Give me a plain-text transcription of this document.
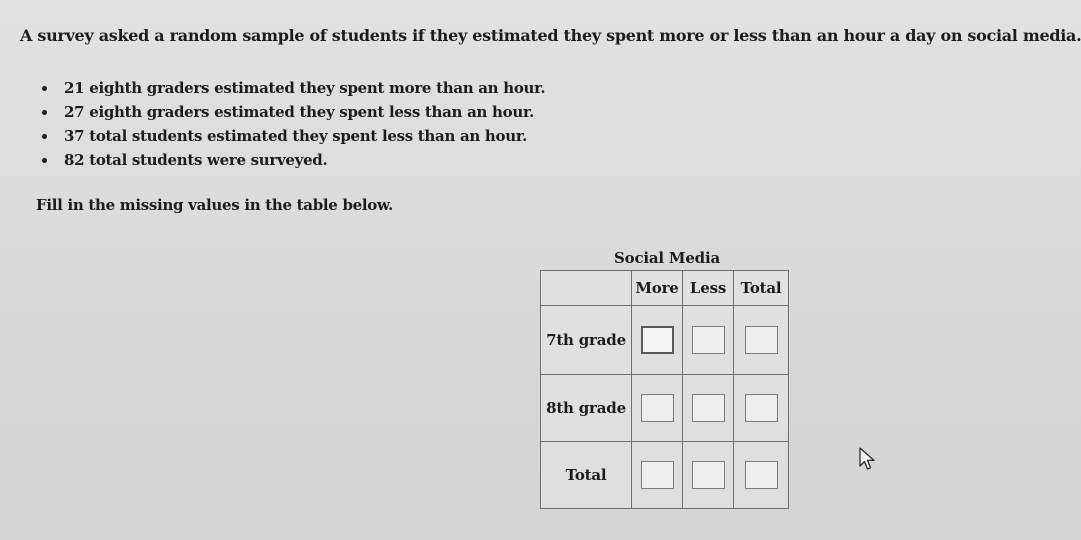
A survey asked a random sample of students if they estimated they spent more or less than an hour a day on social media.
21 eighth graders estimated they spent more than an hour.
27 eighth graders estimated they spent less than an hour.
37 total students estimated they spent less than an hour.
82 total students were surveyed.
Fill in the missing values in the table below.
Social Media
	More	Less	Total
7th grade			
8th grade			
Total			
